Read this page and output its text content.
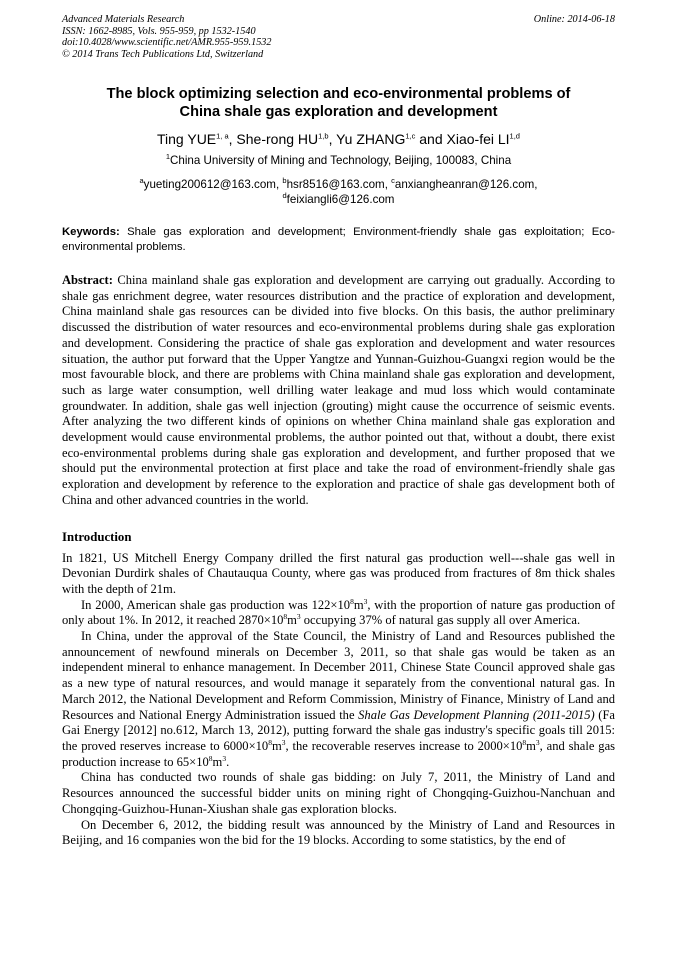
Advanced Materials Research
ISSN: 1662-8985, Vols. 955-959, pp 1532-1540
doi:10.4028/www.scientific.net/AMR.955-959.1532
© 2014 Trans Tech Publications Ltd, Switzerland
Online: 2014-06-18
The block optimizing selection and eco-environmental problems of
China shale gas exploration and development
Ting YUE$^{1, a}$, She-rong HU$^{1,b}$, Yu ZHANG$^{1,c}$ and Xiao-fei LI$^{1,d}$
$^1$China University of Mining and Technology, Beijing, 100083, China
$^a$yueting200612@163.com, $^b$hsr8516@163.com, $^c$anxiangheanran@126.com,
$^d$feixiangli6@126.com
Keywords: Shale gas exploration and development; Environment-friendly shale gas exploitation; Eco-environmental problems.
Abstract: China mainland shale gas exploration and development are carrying out gradually. According to shale gas enrichment degree, water resources distribution and the practice of exploration and development, China mainland shale gas resources can be divided into five blocks. On this basis, the author preliminary discussed the distribution of water resources and eco-environmental problems during shale gas exploration and development. Considering the practice of shale gas exploration and development and water resources situation, the author put forward that the Upper Yangtze and Yunnan-Guizhou-Guangxi region would be the most favourable block, and there are problems with China mainland shale gas exploration and development, such as large water consumption, well drilling water leakage and mud loss which would contaminate groundwater. In addition, shale gas well injection (grouting) might cause the occurrence of seismic events. After analyzing the two different kinds of opinions on whether China mainland shale gas exploration and development would cause environmental problems, the author pointed out that, without a doubt, there exist eco-environmental problems during shale gas exploration and development, and further proposed that we should put the environmental protection at first place and take the road of environment-friendly shale gas exploration and development by reference to the exploration and practice of shale gas development both of China and other advanced countries in the world.
Introduction

In 1821, US Mitchell Energy Company drilled the first natural gas production well---shale gas well in Devonian Durdirk shales of Chautauqua County, where gas was produced from fractures of 8m thick shales with the depth of 21m.

In 2000, American shale gas production was $122\times 10^8m^3$, with the proportion of nature gas production of only about 1%. In 2012, it reached $2870\times 10^8m^3$ occupying 37% of natural gas supply all over America.

In China, under the approval of the State Council, the Ministry of Land and Resources published the announcement of newfound minerals on December 3, 2011, so that shale gas would be taken as an independent mineral to enhance management. In December 2011, Chinese State Council approved shale gas as a new type of natural resources, and would manage it separately from the conventional natural gas. In March 2012, the National Development and Reform Commission, Ministry of Finance, Ministry of Land and Resources and National Energy Administration issued the Shale Gas Development Planning (2011-2015) (Fa Gai Energy [2012] no.612, March 13, 2012), putting forward the shale gas industry's specific goals till 2015: the proved reserves increase to $6000\times 10^8m^3$, the recoverable reserves increase to $2000\times 10^8m^3$, and shale gas production increase to $65\times 10^8m^3$.

China has conducted two rounds of shale gas bidding: on July 7, 2011, the Ministry of Land and Resources announced the successful bidder units on mining right of Chongqing-Guizhou-Nanchuan and Chongqing-Guizhou-Hunan-Xiushan shale gas exploration blocks.

On December 6, 2012, the bidding result was announced by the Ministry of Land and Resources in Beijing, and 16 companies won the bid for the 19 blocks. According to some statistics, by the end of
